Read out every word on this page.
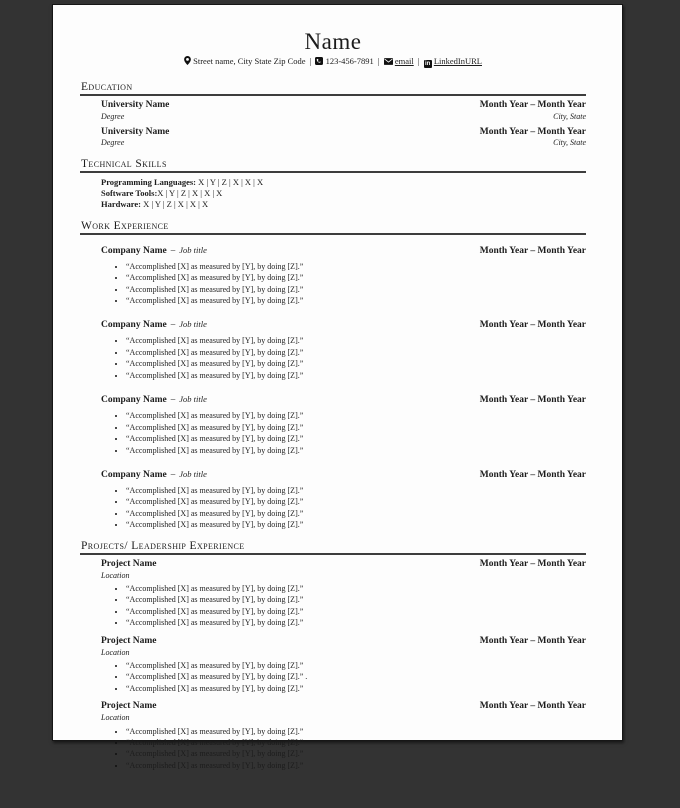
Name
Street name, City State Zip Code | 123-456-7891 | email | in LinkedInURL
Education
University Name	Month Year – Month Year
Degree	City, State
University Name	Month Year – Month Year
Degree	City, State
Technical Skills
Programming Languages: X | Y | Z | X | X | X
Software Tools:X | Y | Z | X | X | X
Hardware: X | Y | Z | X | X | X
Work Experience
Company Name – Job title	Month Year – Month Year
• “Accomplished [X] as measured by [Y], by doing [Z].”
• “Accomplished [X] as measured by [Y], by doing [Z].”
• “Accomplished [X] as measured by [Y], by doing [Z].”
• “Accomplished [X] as measured by [Y], by doing [Z].”
Company Name – Job title	Month Year – Month Year
• “Accomplished [X] as measured by [Y], by doing [Z].”
• “Accomplished [X] as measured by [Y], by doing [Z].”
• “Accomplished [X] as measured by [Y], by doing [Z].”
• “Accomplished [X] as measured by [Y], by doing [Z].”
Company Name – Job title	Month Year – Month Year
• “Accomplished [X] as measured by [Y], by doing [Z].”
• “Accomplished [X] as measured by [Y], by doing [Z].”
• “Accomplished [X] as measured by [Y], by doing [Z].”
• “Accomplished [X] as measured by [Y], by doing [Z].”
Company Name – Job title	Month Year – Month Year
• “Accomplished [X] as measured by [Y], by doing [Z].”
• “Accomplished [X] as measured by [Y], by doing [Z].”
• “Accomplished [X] as measured by [Y], by doing [Z].”
• “Accomplished [X] as measured by [Y], by doing [Z].”
Projects/ Leadership Experience
Project Name	Month Year – Month Year
Location
• “Accomplished [X] as measured by [Y], by doing [Z].”
• “Accomplished [X] as measured by [Y], by doing [Z].”
• “Accomplished [X] as measured by [Y], by doing [Z].”
• “Accomplished [X] as measured by [Y], by doing [Z].”
Project Name	Month Year – Month Year
Location
• “Accomplished [X] as measured by [Y], by doing [Z].”
• “Accomplished [X] as measured by [Y], by doing [Z].” .
• “Accomplished [X] as measured by [Y], by doing [Z].”
Project Name	Month Year – Month Year
Location
• “Accomplished [X] as measured by [Y], by doing [Z].”
• “Accomplished [X] as measured by [Y], by doing [Z].”
• “Accomplished [X] as measured by [Y], by doing [Z].”
• “Accomplished [X] as measured by [Y], by doing [Z].”
